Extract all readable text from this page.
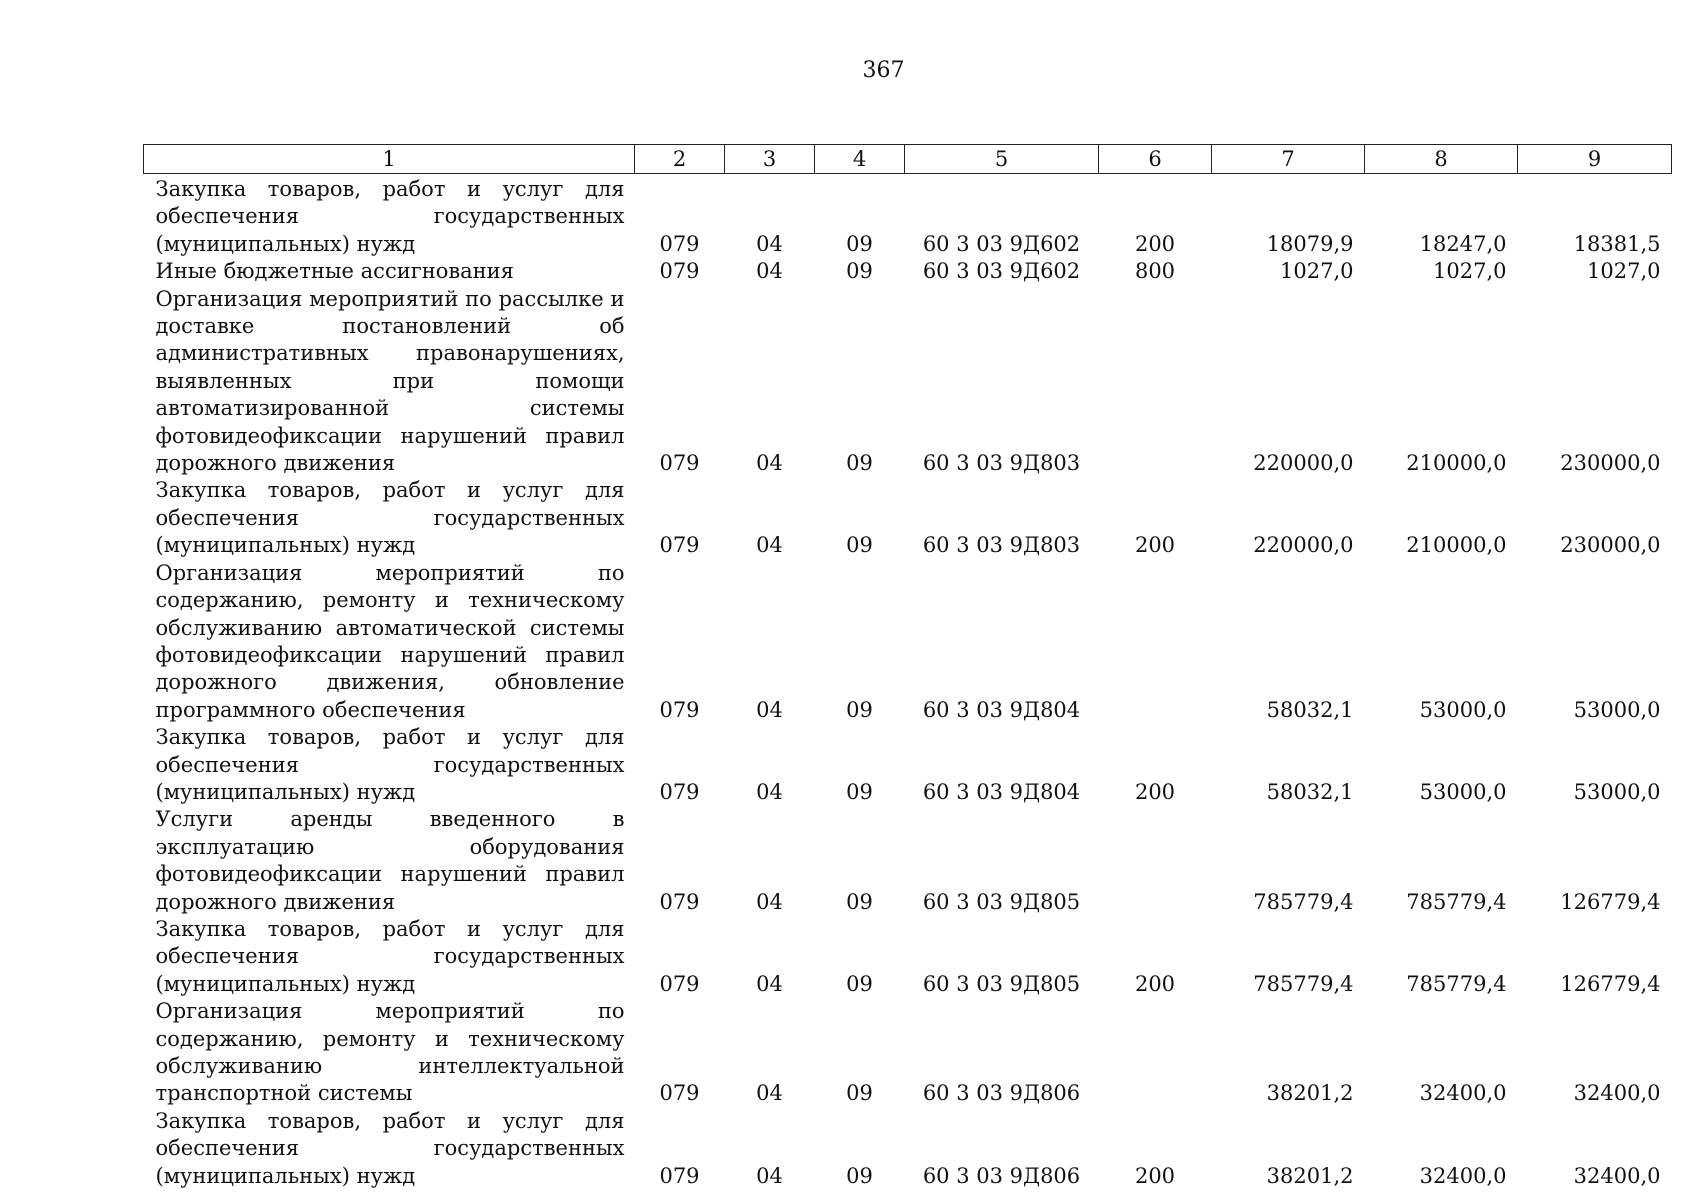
367
1	2	3	4	5	6	7	8	9
Закупка товаров, работ и услуг для обеспечения государственных (муниципальных) нужд	079	04	09	60 3 03 9Д602	200	18079,9	18247,0	18381,5
Иные бюджетные ассигнования	079	04	09	60 3 03 9Д602	800	1027,0	1027,0	1027,0
Организация мероприятий по рассылке и доставке постановлений об административных правонарушениях, выявленных при помощи автоматизированной системы фотовидеофиксации нарушений правил дорожного движения	079	04	09	60 3 03 9Д803		220000,0	210000,0	230000,0
Закупка товаров, работ и услуг для обеспечения государственных (муниципальных) нужд	079	04	09	60 3 03 9Д803	200	220000,0	210000,0	230000,0
Организация мероприятий по содержанию, ремонту и техническому обслуживанию автоматической системы фотовидеофиксации нарушений правил дорожного движения, обновление программного обеспечения	079	04	09	60 3 03 9Д804		58032,1	53000,0	53000,0
Закупка товаров, работ и услуг для обеспечения государственных (муниципальных) нужд	079	04	09	60 3 03 9Д804	200	58032,1	53000,0	53000,0
Услуги аренды введенного в эксплуатацию оборудования фотовидеофиксации нарушений правил дорожного движения	079	04	09	60 3 03 9Д805		785779,4	785779,4	126779,4
Закупка товаров, работ и услуг для обеспечения государственных (муниципальных) нужд	079	04	09	60 3 03 9Д805	200	785779,4	785779,4	126779,4
Организация мероприятий по содержанию, ремонту и техническому обслуживанию интеллектуальной транспортной системы	079	04	09	60 3 03 9Д806		38201,2	32400,0	32400,0
Закупка товаров, работ и услуг для обеспечения государственных (муниципальных) нужд	079	04	09	60 3 03 9Д806	200	38201,2	32400,0	32400,0
